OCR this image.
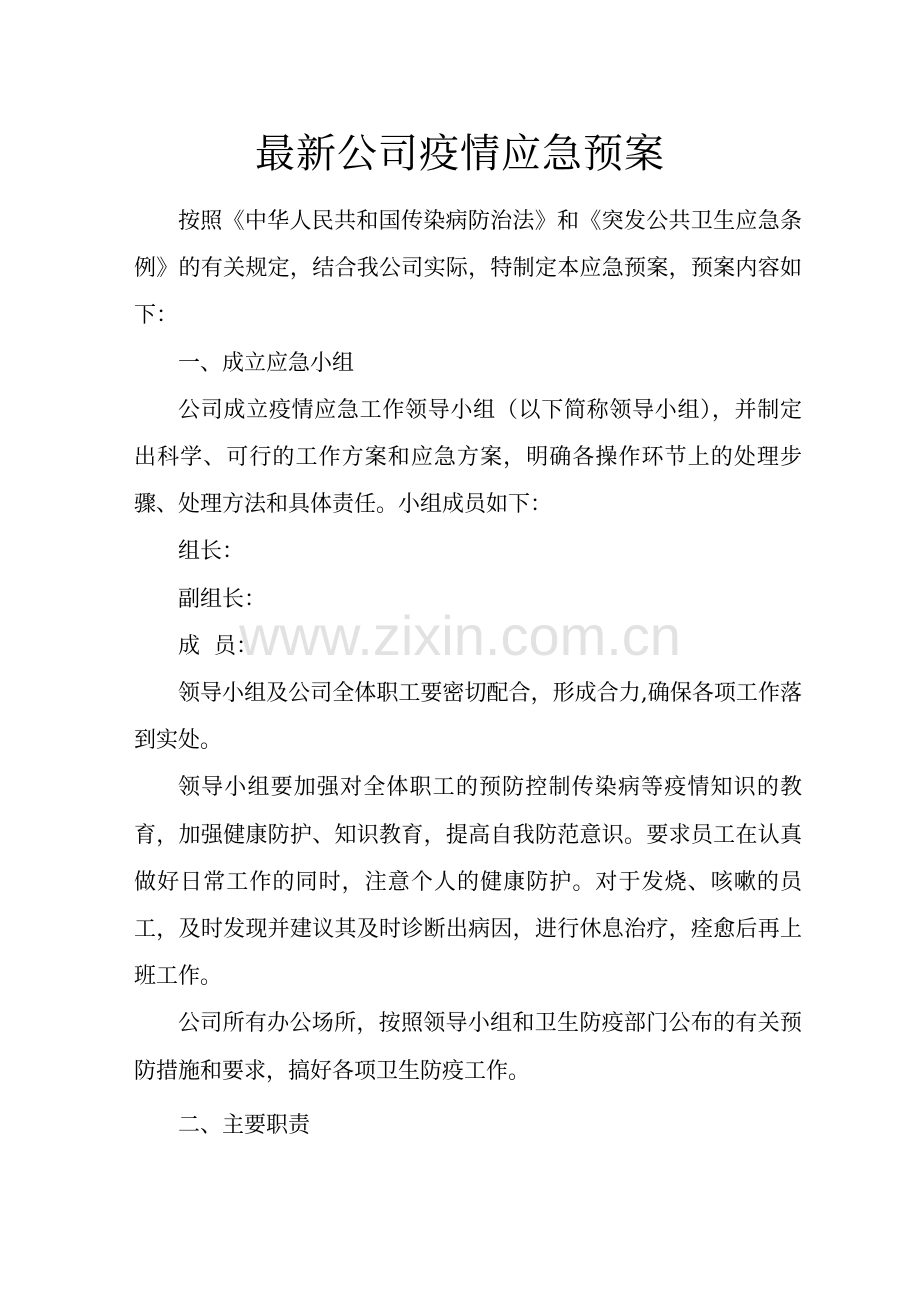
最新公司疫情应急预案

按照《中华人民共和国传染病防治法》和《突发公共卫生应急条例》的有关规定，结合我公司实际，特制定本应急预案，预案内容如下：

一、成立应急小组

公司成立疫情应急工作领导小组（以下简称领导小组），并制定出科学、可行的工作方案和应急方案，明确各操作环节上的处理步骤、处理方法和具体责任。小组成员如下：

组长：

副组长：

成  员：

领导小组及公司全体职工要密切配合，形成合力,确保各项工作落到实处。

领导小组要加强对全体职工的预防控制传染病等疫情知识的教育，加强健康防护、知识教育，提高自我防范意识。要求员工在认真做好日常工作的同时，注意个人的健康防护。对于发烧、咳嗽的员工，及时发现并建议其及时诊断出病因，进行休息治疗，痊愈后再上班工作。

公司所有办公场所，按照领导小组和卫生防疫部门公布的有关预防措施和要求，搞好各项卫生防疫工作。

二、主要职责

www.zixin.com.cn
